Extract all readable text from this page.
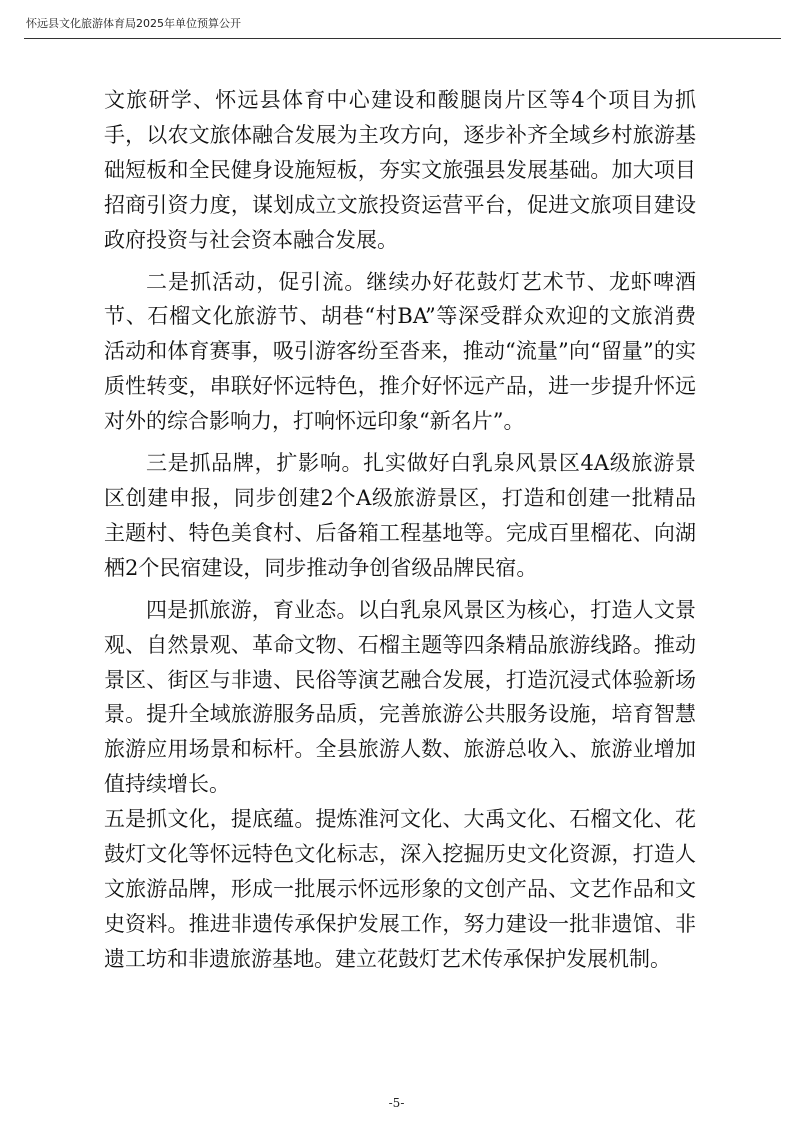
怀远县文化旅游体育局2025年单位预算公开

文旅研学、怀远县体育中心建设和酸腿岗片区等4个项目为抓手，以农文旅体融合发展为主攻方向，逐步补齐全域乡村旅游基础短板和全民健身设施短板，夯实文旅强县发展基础。加大项目招商引资力度，谋划成立文旅投资运营平台，促进文旅项目建设政府投资与社会资本融合发展。

二是抓活动，促引流。继续办好花鼓灯艺术节、龙虾啤酒节、石榴文化旅游节、胡巷“村BA”等深受群众欢迎的文旅消费活动和体育赛事，吸引游客纷至沓来，推动“流量”向“留量”的实质性转变，串联好怀远特色，推介好怀远产品，进一步提升怀远对外的综合影响力，打响怀远印象“新名片”。

三是抓品牌，扩影响。扎实做好白乳泉风景区4A级旅游景区创建申报，同步创建2个A级旅游景区，打造和创建一批精品主题村、特色美食村、后备箱工程基地等。完成百里榴花、向湖栖2个民宿建设，同步推动争创省级品牌民宿。

四是抓旅游，育业态。以白乳泉风景区为核心，打造人文景观、自然景观、革命文物、石榴主题等四条精品旅游线路。推动景区、街区与非遗、民俗等演艺融合发展，打造沉浸式体验新场景。提升全域旅游服务品质，完善旅游公共服务设施，培育智慧旅游应用场景和标杆。全县旅游人数、旅游总收入、旅游业增加值持续增长。

五是抓文化，提底蕴。提炼淮河文化、大禹文化、石榴文化、花鼓灯文化等怀远特色文化标志，深入挖掘历史文化资源，打造人文旅游品牌，形成一批展示怀远形象的文创产品、文艺作品和文史资料。推进非遗传承保护发展工作，努力建设一批非遗馆、非遗工坊和非遗旅游基地。建立花鼓灯艺术传承保护发展机制。

-5-
